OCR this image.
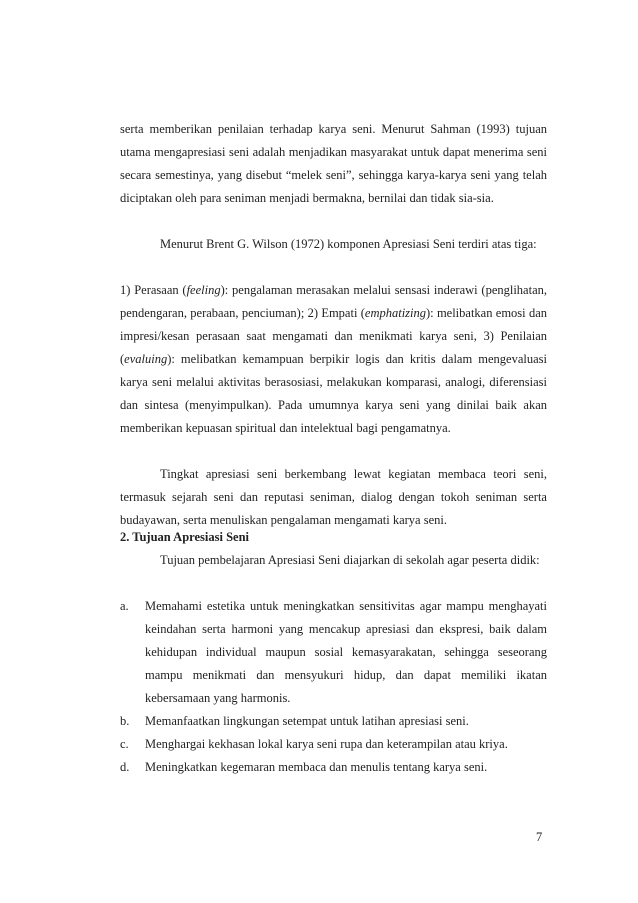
serta memberikan penilaian terhadap karya seni. Menurut Sahman (1993) tujuan utama mengapresiasi seni adalah menjadikan masyarakat untuk dapat menerima seni secara semestinya, yang disebut “melek seni”, sehingga karya-karya seni yang telah diciptakan oleh para seniman menjadi bermakna, bernilai dan tidak sia-sia.

Menurut Brent G. Wilson (1972) komponen Apresiasi Seni terdiri atas tiga:

1) Perasaan (feeling): pengalaman merasakan melalui sensasi inderawi (penglihatan, pendengaran, perabaan, penciuman); 2) Empati (emphatizing): melibatkan emosi dan impresi/kesan perasaan saat mengamati dan menikmati karya seni, 3) Penilaian (evaluing): melibatkan kemampuan berpikir logis dan kritis dalam mengevaluasi karya seni melalui aktivitas berasosiasi, melakukan komparasi, analogi, diferensiasi dan sintesa (menyimpulkan). Pada umumnya karya seni yang dinilai baik akan memberikan kepuasan spiritual dan intelektual bagi pengamatnya.

Tingkat apresiasi seni berkembang lewat kegiatan membaca teori seni, termasuk sejarah seni dan reputasi seniman, dialog dengan tokoh seniman serta budayawan, serta menuliskan pengalaman mengamati karya seni.

2. Tujuan Apresiasi Seni

Tujuan pembelajaran Apresiasi Seni diajarkan di sekolah agar peserta didik:

a. Memahami estetika untuk meningkatkan sensitivitas agar mampu menghayati keindahan serta harmoni yang mencakup apresiasi dan ekspresi, baik dalam kehidupan individual maupun sosial kemasyarakatan, sehingga seseorang mampu menikmati dan mensyukuri hidup, dan dapat memiliki ikatan kebersamaan yang harmonis.
b. Memanfaatkan lingkungan setempat untuk latihan apresiasi seni.
c. Menghargai kekhasan lokal karya seni rupa dan keterampilan atau kriya.
d. Meningkatkan kegemaran membaca dan menulis tentang karya seni.
7
